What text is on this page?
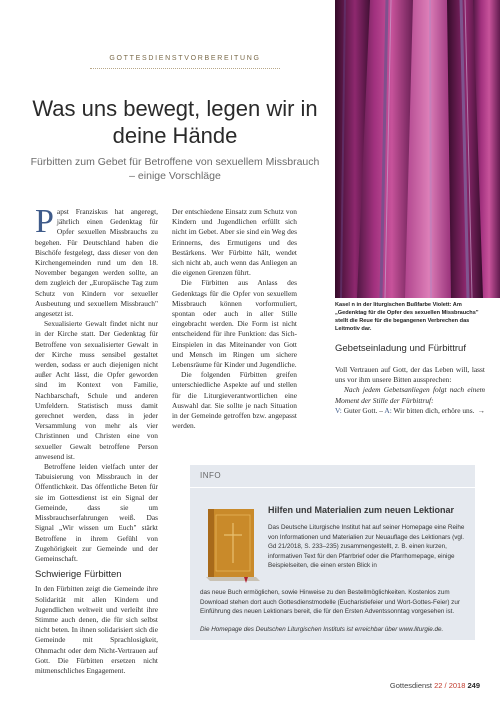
GOTTESDIENSTVORBEREITUNG
Was uns bewegt, legen wir in deine Hände
Fürbitten zum Gebet für Betroffene von sexuellem Missbrauch – einige Vorschläge
Kasel n in der liturgischen Bußfarbe Violett: Am „Gedenktag für die Opfer des sexuellen Missbrauchs" stellt die Reue für die begangenen Verbrechen das Leitmotiv dar.

P apst Franziskus hat angeregt, jährlich einen Gedenktag für Opfer sexuellen Missbrauchs zu begehen. Für Deutschland haben die Bischöfe festgelegt, dass dieser von den Kirchengemeinden rund um den 18. November begangen werden sollte, an dem zugleich der „Europäische Tag zum Schutz von Kindern vor sexueller Ausbeutung und sexuellem Missbrauch" angesetzt ist.

Sexualisierte Gewalt findet nicht nur in der Kirche statt. Der Gedenktag für Betroffene von sexualisierter Gewalt in der Kirche muss sensibel gestaltet werden, sodass er auch diejenigen nicht außer Acht lässt, die Opfer geworden sind im Kontext von Familie, Nachbarschaft, Schule und anderen Umfeldern. Statistisch muss damit gerechnet werden, dass in jeder Versammlung von mehr als vier Christinnen und Christen eine von sexueller Gewalt betroffene Person anwesend ist.

Betroffene leiden vielfach unter der Tabuisierung von Missbrauch in der Öffentlichkeit. Das öffentliche Beten für sie im Gottesdienst ist ein Signal der Gemeinde, dass sie um Missbrauchserfahrungen weiß. Das Signal „Wir wissen um Euch" stärkt Betroffene in ihrem Gefühl von Zugehörigkeit zur Gemeinde und der Gemeinschaft.

Schwierige Fürbitten

In den Fürbitten zeigt die Gemeinde ihre Solidarität mit allen Kindern und Jugendlichen weltweit und verleiht ihre Stimme auch denen, die für sich selbst nicht beten. In ihnen solidarisiert sich die Gemeinde mit Sprachlosigkeit, Ohnmacht oder dem Nicht-Vertrauen auf Gott. Die Fürbitten ersetzen nicht mitmenschliches Engagement.

Der entschiedene Einsatz zum Schutz von Kindern und Jugendlichen erfüllt sich nicht im Gebet. Aber sie sind ein Weg des Erinnerns, des Ermutigens und des Bestärkens. Wer Fürbitte hält, wendet sich nicht ab, auch wenn das Anliegen an die eigenen Grenzen führt.

Die Fürbitten aus Anlass des Gedenktags für die Opfer von sexuellem Missbrauch können vorformuliert, spontan oder auch in aller Stille eingebracht werden. Die Form ist nicht entscheidend für ihre Funktion: das Sich-Einspielen in das Miteinander von Gott und Mensch im Ringen um sichere Lebensräume für Kinder und Jugendliche.

Die folgenden Fürbitten greifen unterschiedliche Aspekte auf und stellen für die Liturgieverantwortlichen eine Auswahl dar. Sie sollte je nach Situation in der Gemeinde getroffen bzw. angepasst werden.

Gebetseinladung und Fürbittruf

Voll Vertrauen auf Gott, der das Leben will, lasst uns vor ihm unsere Bitten aussprechen:

Nach jedem Gebetsanliegen folgt nach einem Moment der Stille der Fürbittruf:

V: Guter Gott. – A: Wir bitten dich, erhöre uns. →

INFO
Hilfen und Materialien zum neuen Lektionar
Das Deutsche Liturgische Institut hat auf seiner Homepage eine Reihe von Informationen und Materialien zur Neuauflage des Lektionars (vgl. Gd 21/2018, S. 233–235) zusammengestellt, z. B. einen kurzen, informativen Text für den Pfarrbrief oder die Pfarrhomepage, einige Beispielseiten, die einen ersten Blick in
das neue Buch ermöglichen, sowie Hinweise zu den Bestellmöglichkeiten. Kostenlos zum Download stehen dort auch Gottesdienstmodelle (Eucharistiefeier und Wort-Gottes-Feier) zur Einführung des neuen Lektionars bereit, die für den Ersten Adventssonntag vorgesehen ist.
Die Homepage des Deutschen Liturgischen Instituts ist erreichbar über www.liturgie.de.
Gottesdienst 22 / 2018 249
